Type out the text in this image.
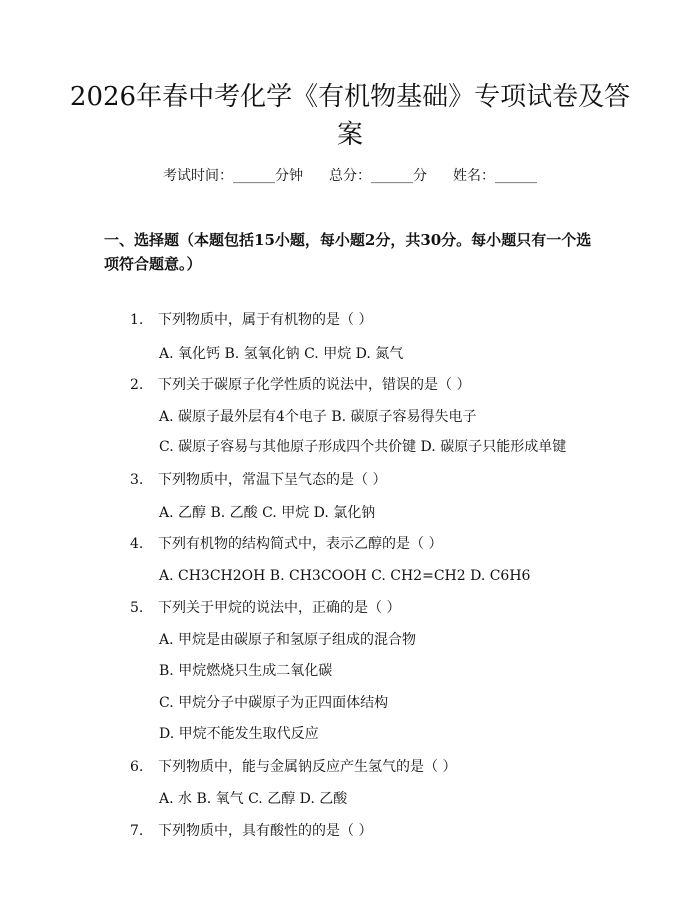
2026年春中考化学《有机物基础》专项试卷及答案
考试时间：______分钟 总分：______分 姓名：______
一、选择题（本题包括15小题，每小题2分，共30分。每小题只有一个选项符合题意。）
1. 下列物质中，属于有机物的是（ ）
A. 氧化钙 B. 氢氧化钠 C. 甲烷 D. 氮气
2. 下列关于碳原子化学性质的说法中，错误的是（ ）
A. 碳原子最外层有4个电子 B. 碳原子容易得失电子
C. 碳原子容易与其他原子形成四个共价键 D. 碳原子只能形成单键
3. 下列物质中，常温下呈气态的是（ ）
A. 乙醇 B. 乙酸 C. 甲烷 D. 氯化钠
4. 下列有机物的结构简式中，表示乙醇的是（ ）
A. CH3CH2OH B. CH3COOH C. CH2=CH2 D. C6H6
5. 下列关于甲烷的说法中，正确的是（ ）
A. 甲烷是由碳原子和氢原子组成的混合物
B. 甲烷燃烧只生成二氧化碳
C. 甲烷分子中碳原子为正四面体结构
D. 甲烷不能发生取代反应
6. 下列物质中，能与金属钠反应产生氢气的是（ ）
A. 水 B. 氧气 C. 乙醇 D. 乙酸
7. 下列物质中，具有酸性的的是（ ）
